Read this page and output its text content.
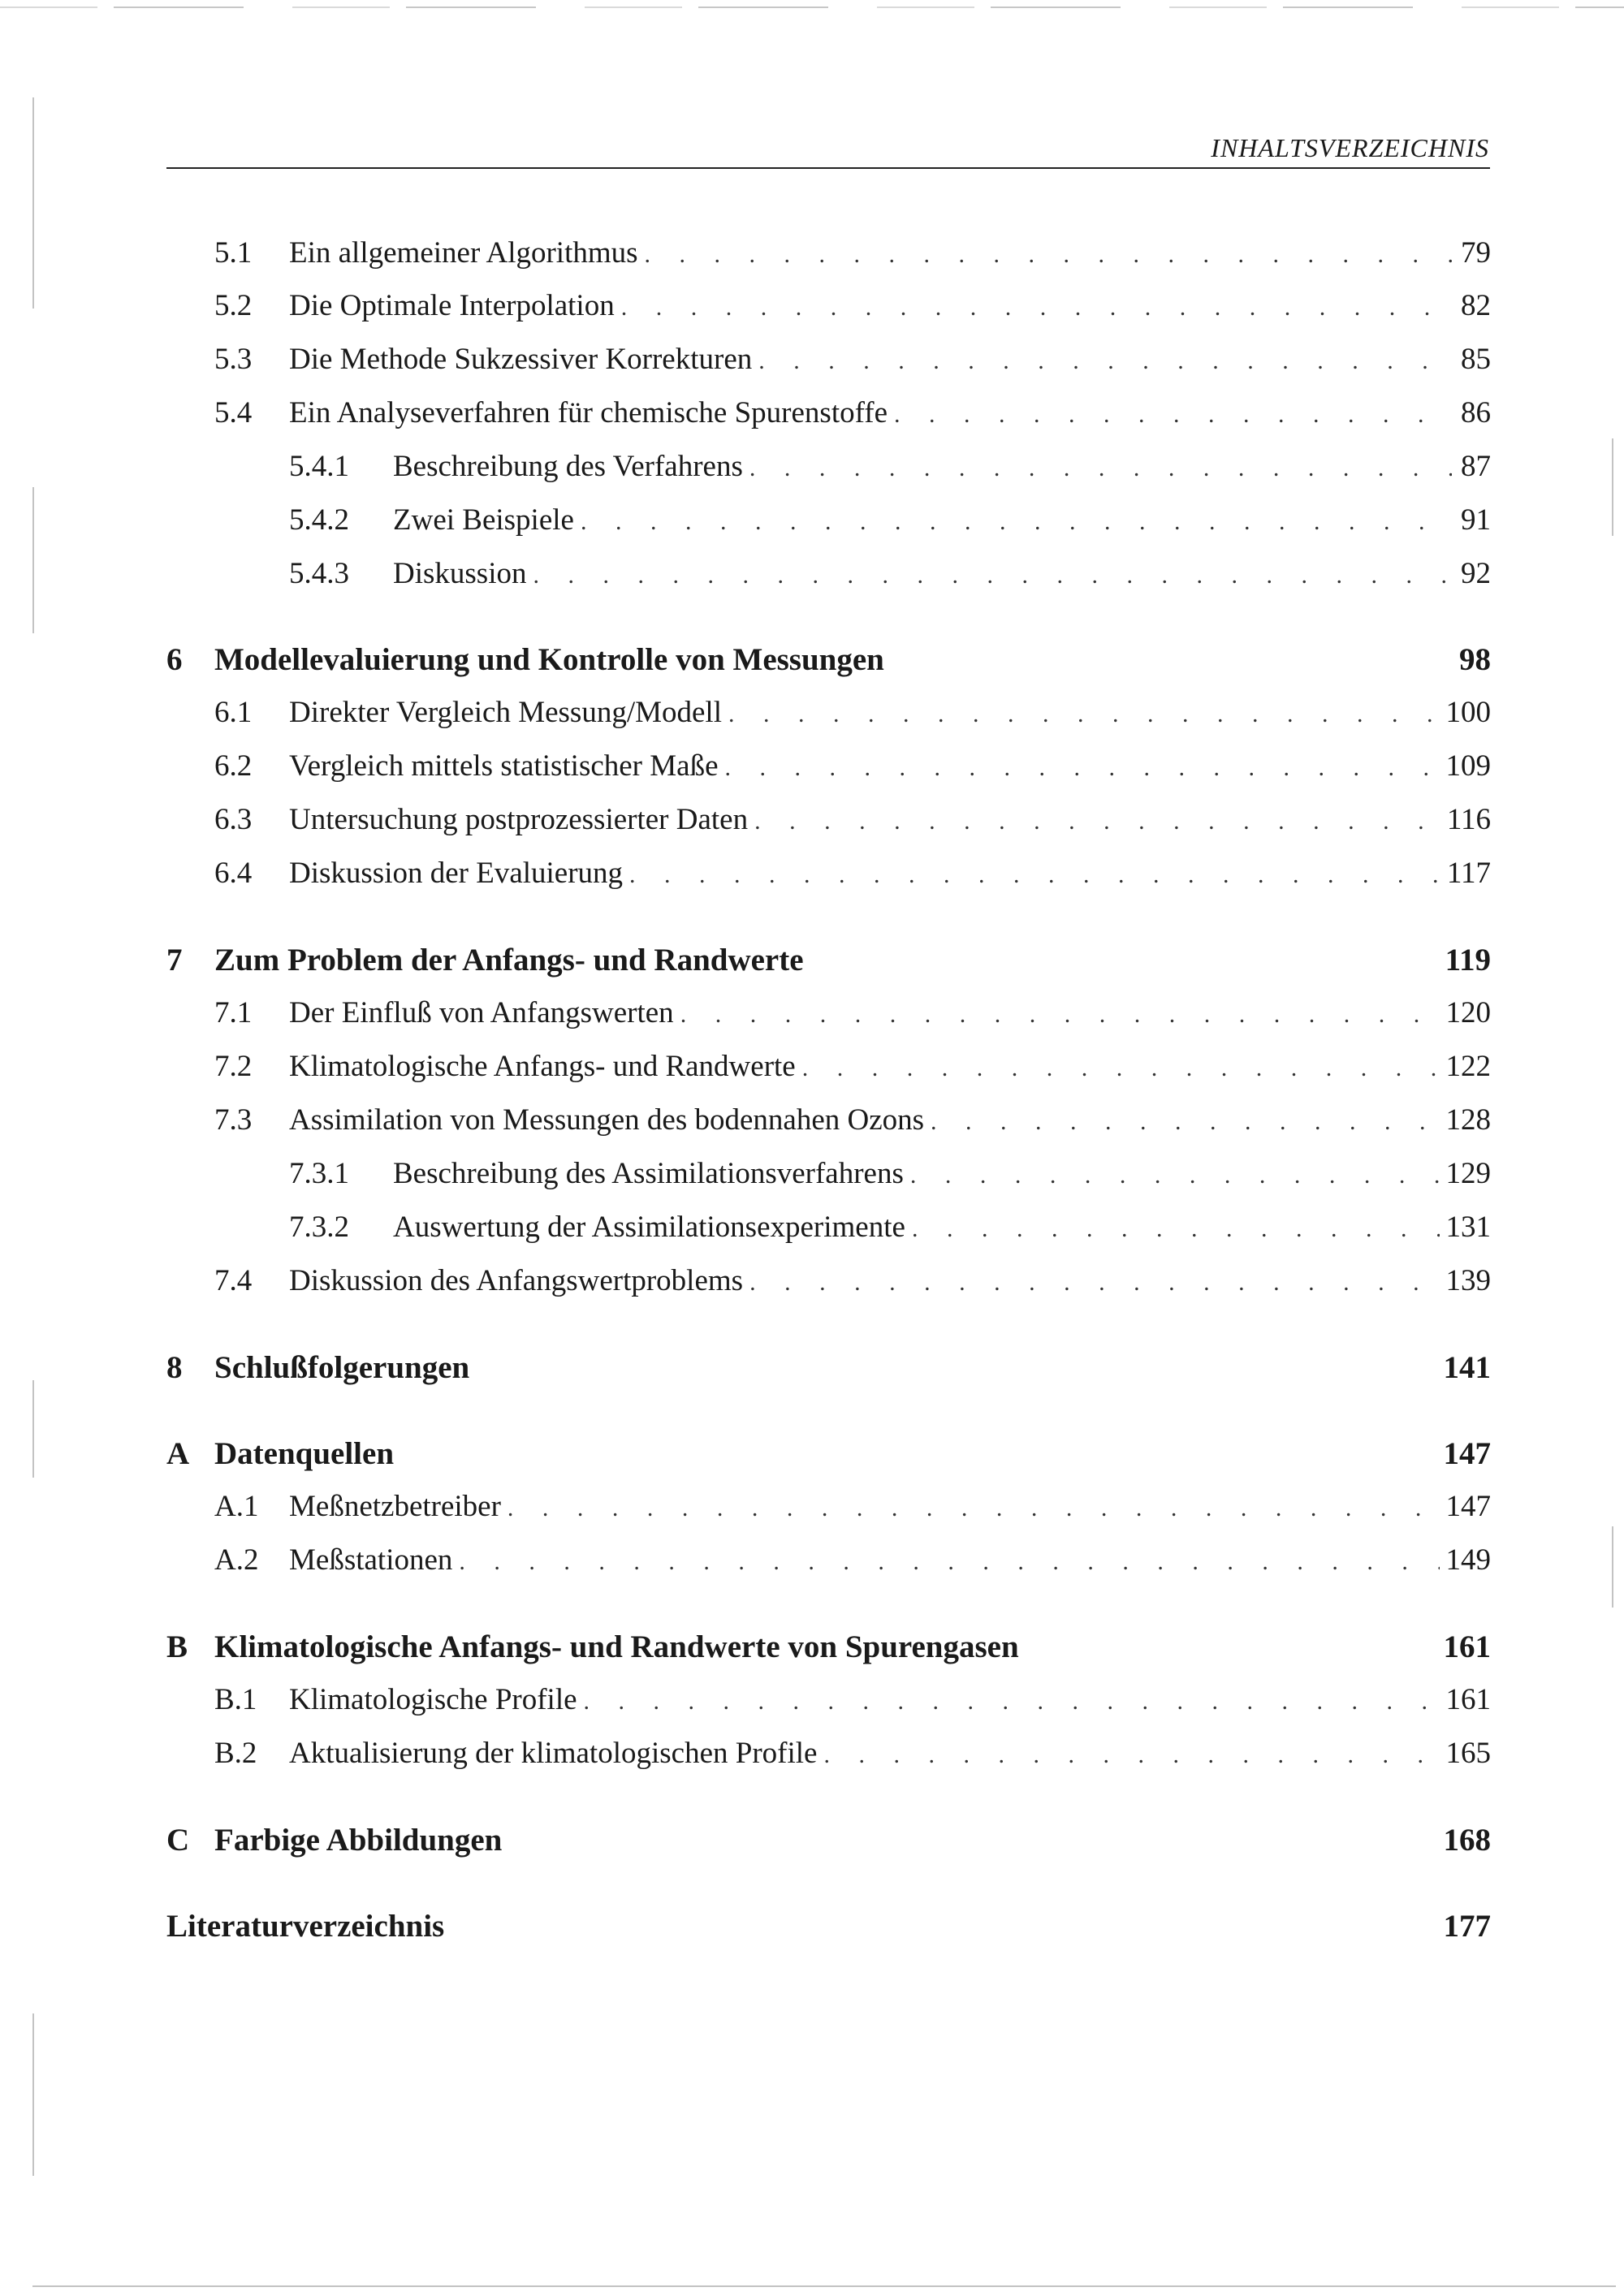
INHALTSVERZEICHNIS
5.1	Ein allgemeiner Algorithmus . . .	79
5.2	Die Optimale Interpolation . . .	82
5.3	Die Methode Sukzessiver Korrekturen . . .	85
5.4	Ein Analyseverfahren für chemische Spurenstoffe . . .	86
5.4.1	Beschreibung des Verfahrens . . .	87
5.4.2	Zwei Beispiele . . .	91
5.4.3	Diskussion . . .	92
6	Modellevaluierung und Kontrolle von Messungen	98
6.1	Direkter Vergleich Messung/Modell . . .	100
6.2	Vergleich mittels statistischer Maße . . .	109
6.3	Untersuchung postprozessierter Daten . . .	116
6.4	Diskussion der Evaluierung . . .	117
7	Zum Problem der Anfangs- und Randwerte	119
7.1	Der Einfluß von Anfangswerten . . .	120
7.2	Klimatologische Anfangs- und Randwerte . . .	122
7.3	Assimilation von Messungen des bodennahen Ozons . . .	128
7.3.1	Beschreibung des Assimilationsverfahrens . . .	129
7.3.2	Auswertung der Assimilationsexperimente . . .	131
7.4	Diskussion des Anfangswertproblems . . .	139
8	Schlußfolgerungen	141
A Datenquellen	147
A.1	Meßnetzbetreiber . . .	147
A.2	Meßstationen . . .	149
B Klimatologische Anfangs- und Randwerte von Spurengasen	161
B.1	Klimatologische Profile . . .	161
B.2	Aktualisierung der klimatologischen Profile . . .	165
C Farbige Abbildungen	168
Literaturverzeichnis	177
